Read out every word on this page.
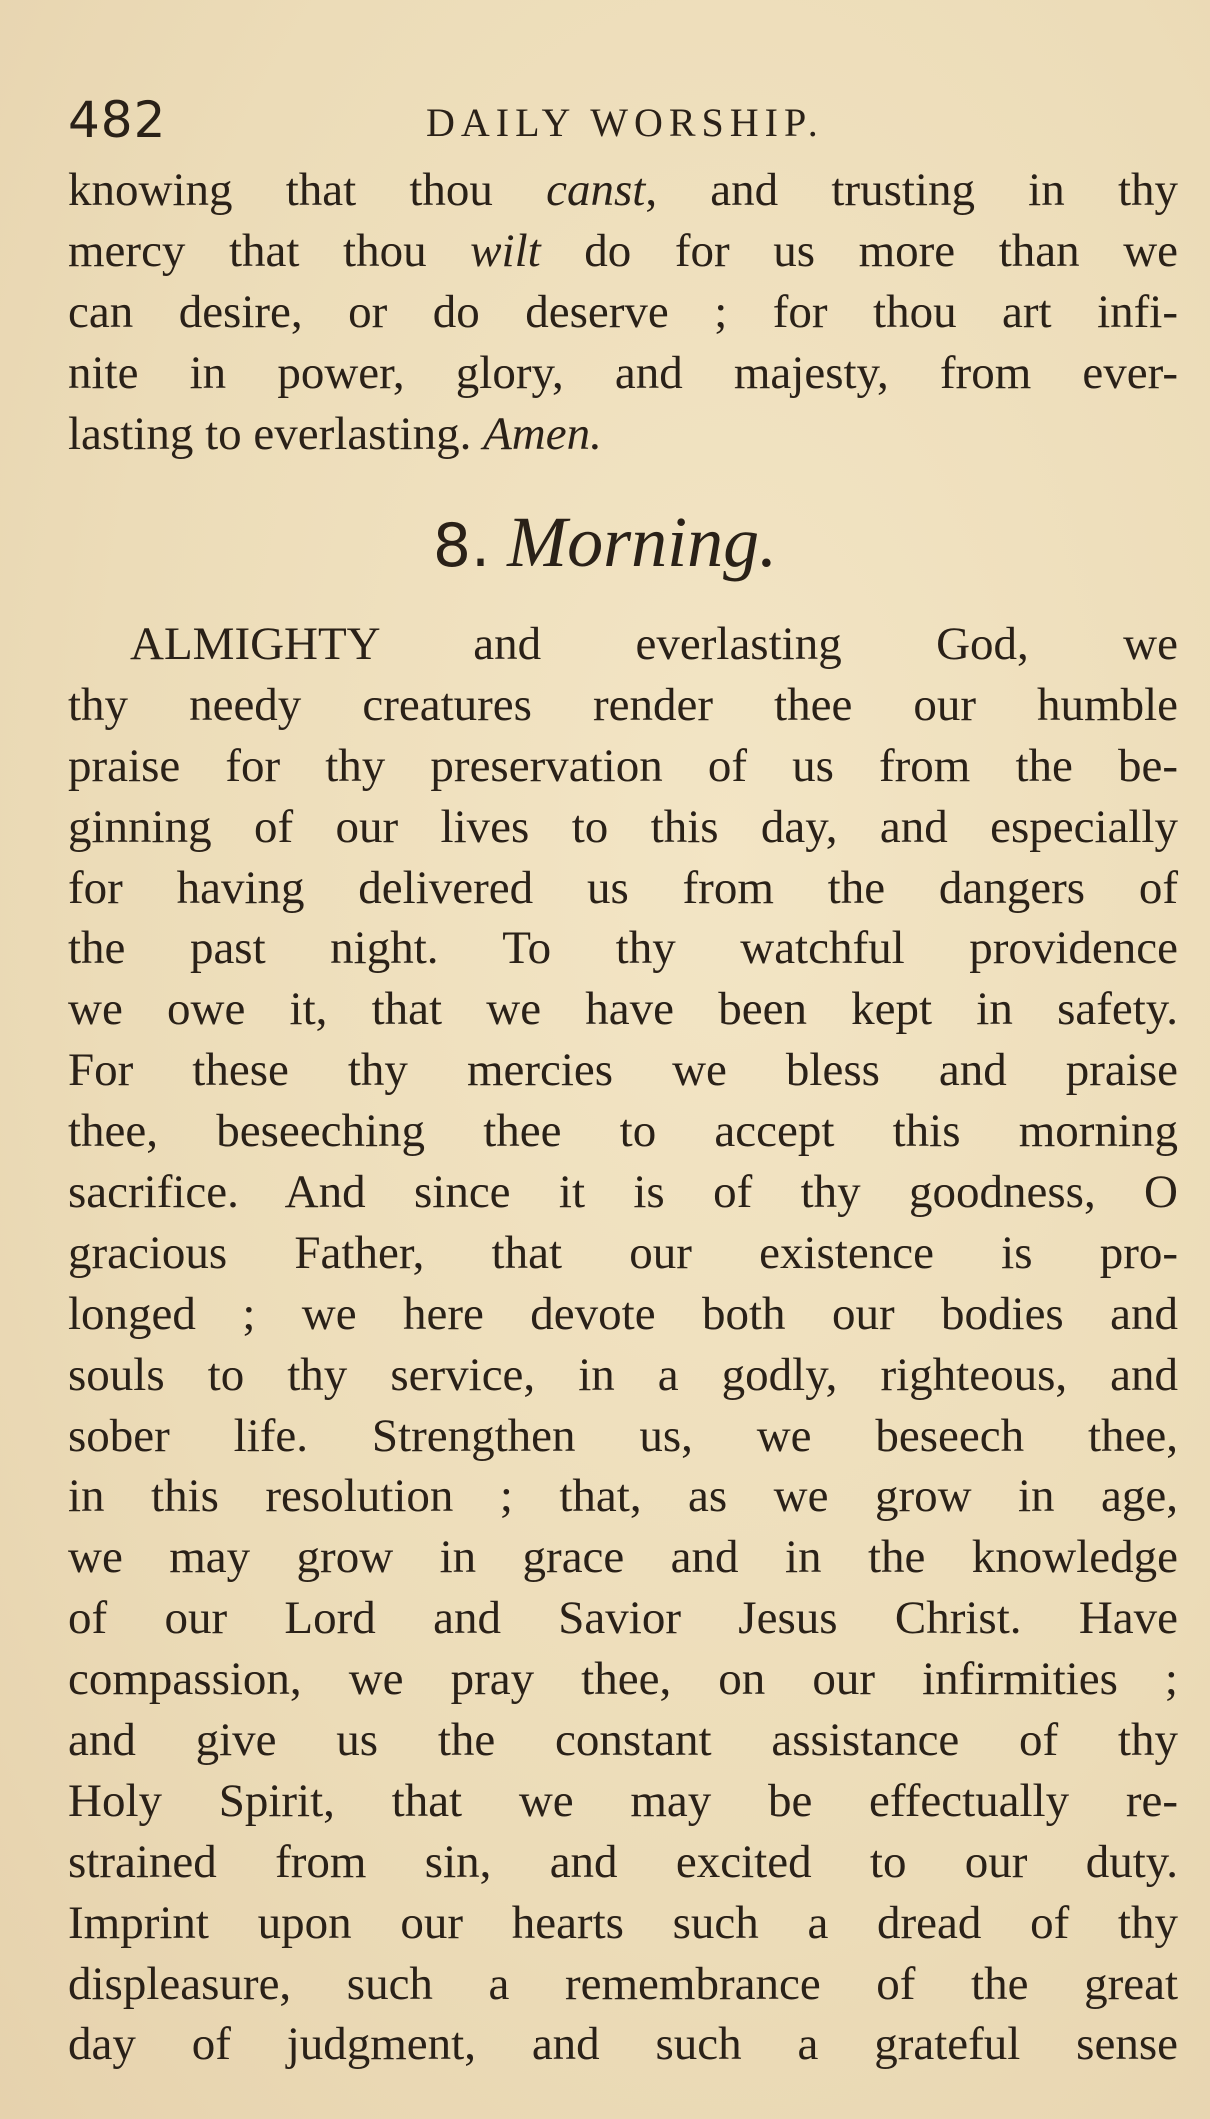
482	DAILY WORSHIP.
knowing that thou canst, and trusting in thy
mercy that thou wilt do for us more than we
can desire, or do deserve ; for thou art infi-
nite in power, glory, and majesty, from ever-
lasting to everlasting. Amen.
8. Morning.
ALMIGHTY and everlasting God, we
thy needy creatures render thee our humble
praise for thy preservation of us from the be-
ginning of our lives to this day, and especially
for having delivered us from the dangers of
the past night. To thy watchful providence
we owe it, that we have been kept in safety.
For these thy mercies we bless and praise
thee, beseeching thee to accept this morning
sacrifice. And since it is of thy goodness, O
gracious Father, that our existence is pro-
longed ; we here devote both our bodies and
souls to thy service, in a godly, righteous, and
sober life. Strengthen us, we beseech thee,
in this resolution ; that, as we grow in age,
we may grow in grace and in the knowledge
of our Lord and Savior Jesus Christ. Have
compassion, we pray thee, on our infirmities ;
and give us the constant assistance of thy
Holy Spirit, that we may be effectually re-
strained from sin, and excited to our duty.
Imprint upon our hearts such a dread of thy
displeasure, such a remembrance of the great
day of judgment, and such a grateful sense
